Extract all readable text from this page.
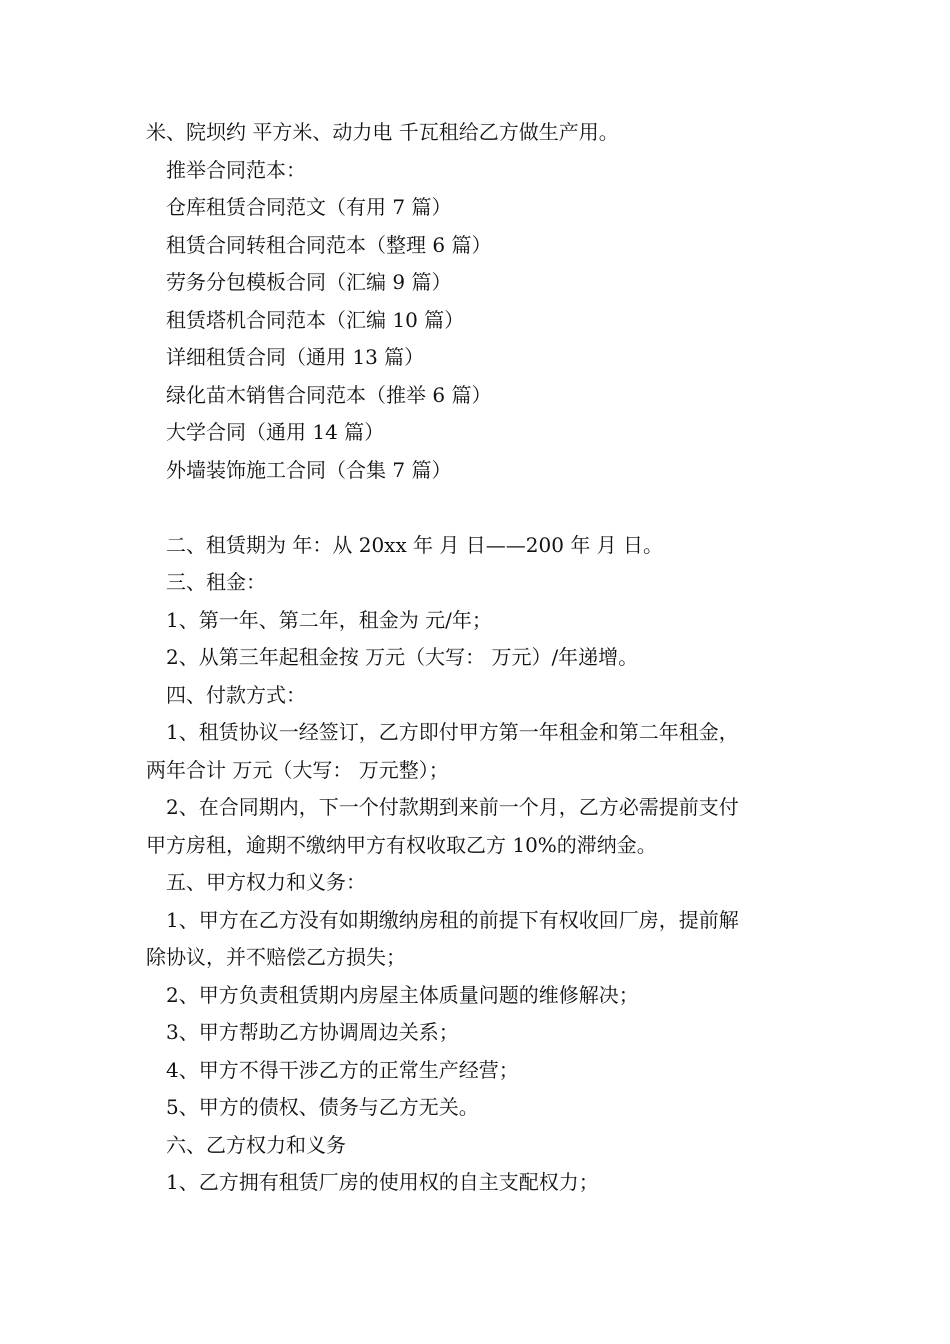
米、院坝约 平方米、动力电 千瓦租给乙方做生产用。

推举合同范本：

仓库租赁合同范文（有用 7 篇）

租赁合同转租合同范本（整理 6 篇）

劳务分包模板合同（汇编 9 篇）

租赁塔机合同范本（汇编 10 篇）

详细租赁合同（通用 13 篇）

绿化苗木销售合同范本（推举 6 篇）

大学合同（通用 14 篇）

外墙装饰施工合同（合集 7 篇）

二、租赁期为 年：从 20xx 年 月 日——200 年 月 日。

三、租金：

1、第一年、第二年，租金为 元/年；

2、从第三年起租金按 万元（大写： 万元）/年递增。

四、付款方式：

1、租赁协议一经签订，乙方即付甲方第一年租金和第二年租金，

两年合计 万元（大写： 万元整）；

2、在合同期内，下一个付款期到来前一个月，乙方必需提前支付

甲方房租，逾期不缴纳甲方有权收取乙方 10%的滞纳金。

五、甲方权力和义务：

1、甲方在乙方没有如期缴纳房租的前提下有权收回厂房，提前解

除协议，并不赔偿乙方损失；

2、甲方负责租赁期内房屋主体质量问题的维修解决；

3、甲方帮助乙方协调周边关系；

4、甲方不得干涉乙方的正常生产经营；

5、甲方的债权、债务与乙方无关。

六、乙方权力和义务

1、乙方拥有租赁厂房的使用权的自主支配权力；
